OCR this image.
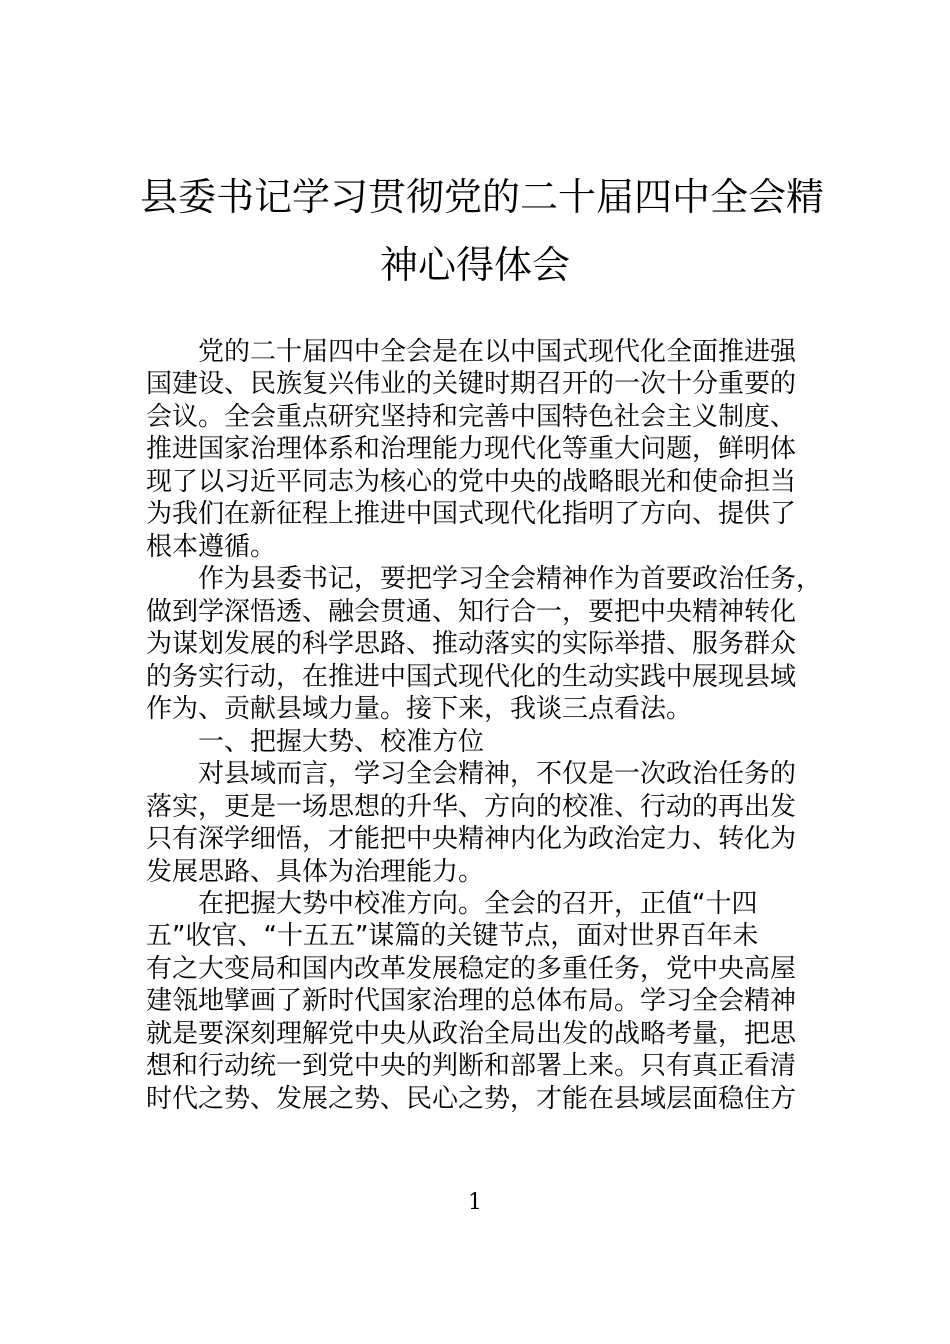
县委书记学习贯彻党的二十届四中全会精
神心得体会
党的二十届四中全会是在以中国式现代化全面推进强
国建设、民族复兴伟业的关键时期召开的一次十分重要的
会议。全会重点研究坚持和完善中国特色社会主义制度、
推进国家治理体系和治理能力现代化等重大问题，鲜明体
现了以习近平同志为核心的党中央的战略眼光和使命担当
为我们在新征程上推进中国式现代化指明了方向、提供了
根本遵循。
作为县委书记，要把学习全会精神作为首要政治任务，
做到学深悟透、融会贯通、知行合一，要把中央精神转化
为谋划发展的科学思路、推动落实的实际举措、服务群众
的务实行动，在推进中国式现代化的生动实践中展现县域
作为、贡献县域力量。接下来，我谈三点看法。
一、把握大势、校准方位
对县域而言，学习全会精神，不仅是一次政治任务的
落实，更是一场思想的升华、方向的校准、行动的再出发
只有深学细悟，才能把中央精神内化为政治定力、转化为
发展思路、具体为治理能力。
在把握大势中校准方向。全会的召开，正值“十四
五”收官、“十五五”谋篇的关键节点，面对世界百年未
有之大变局和国内改革发展稳定的多重任务，党中央高屋
建瓴地擘画了新时代国家治理的总体布局。学习全会精神
就是要深刻理解党中央从政治全局出发的战略考量，把思
想和行动统一到党中央的判断和部署上来。只有真正看清
时代之势、发展之势、民心之势，才能在县域层面稳住方
1
